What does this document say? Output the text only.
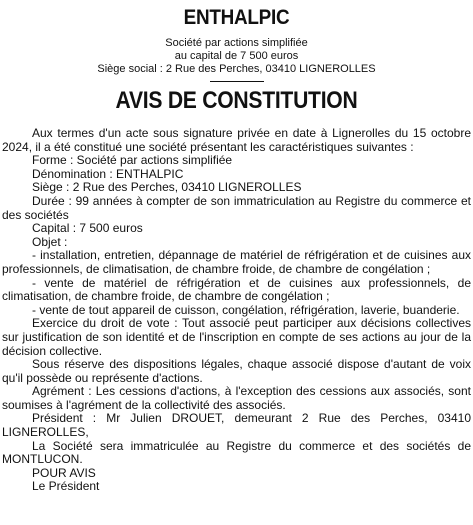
ENTHALPIC
Société par actions simplifiée
au capital de 7 500 euros
Siège social : 2 Rue des Perches, 03410 LIGNEROLLES
AVIS DE CONSTITUTION

Aux termes d'un acte sous signature privée en date à Lignerolles du 15 octobre 2024, il a été constitué une société présentant les caractéristiques suivantes :

Forme : Société par actions simplifiée

Dénomination : ENTHALPIC

Siège : 2 Rue des Perches, 03410 LIGNEROLLES

Durée : 99 années à compter de son immatriculation au Registre du commerce et des sociétés

Capital : 7 500 euros

Objet :

- installation, entretien, dépannage de matériel de réfrigération et de cuisines aux professionnels, de climatisation, de chambre froide, de chambre de congélation ;

- vente de matériel de réfrigération et de cuisines aux professionnels, de climatisation, de chambre froide, de chambre de congélation ;

- vente de tout appareil de cuisson, congélation, réfrigération, laverie, buanderie.

Exercice du droit de vote : Tout associé peut participer aux décisions collectives sur justification de son identité et de l'inscription en compte de ses actions au jour de la décision collective.

Sous réserve des dispositions légales, chaque associé dispose d'autant de voix qu'il possède ou représente d'actions.

Agrément : Les cessions d'actions, à l'exception des cessions aux associés, sont soumises à l'agrément de la collectivité des associés.

Président : Mr Julien DROUET, demeurant 2 Rue des Perches, 03410 LIGNEROLLES,

La Société sera immatriculée au Registre du commerce et des sociétés de MONTLUCON.

POUR AVIS

Le Président
